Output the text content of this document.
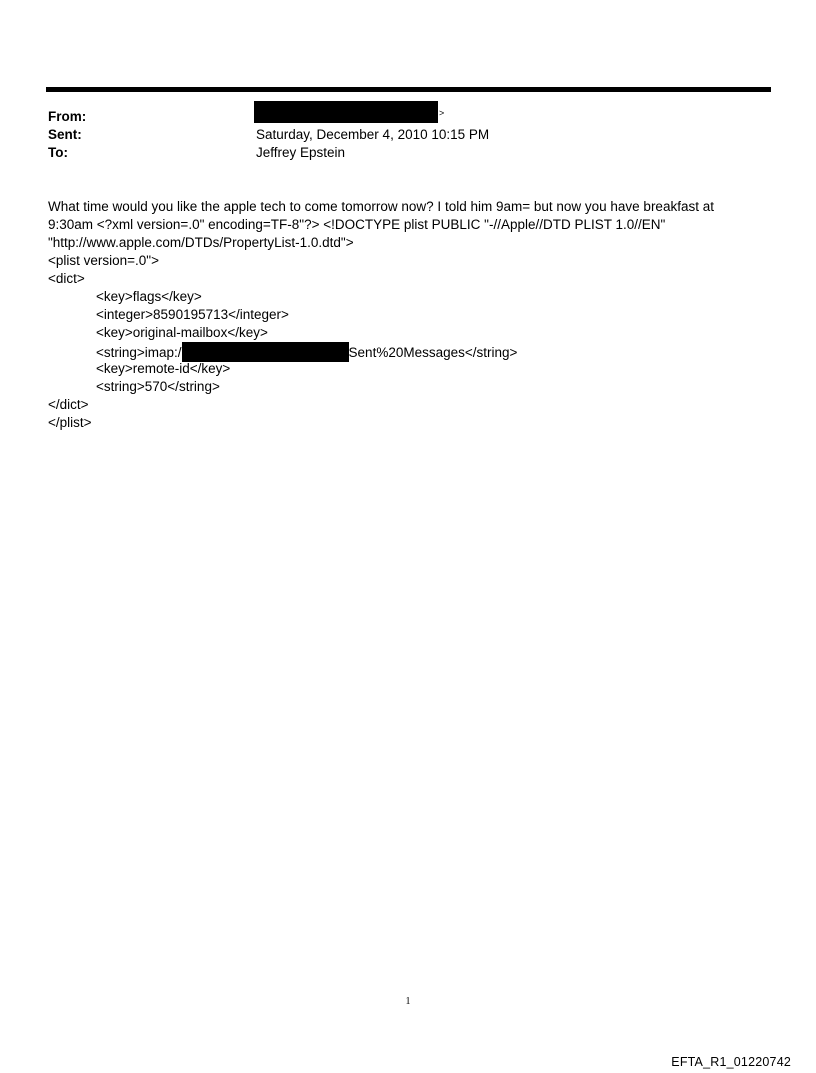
From:	>
Sent:	Saturday, December 4, 2010 10:15 PM
To:	Jeffrey Epstein
What time would you like the apple tech to come tomorrow now? I told him 9am= but now you have breakfast at
9:30am <?xml version=.0" encoding=TF-8"?> <!DOCTYPE plist PUBLIC "-//Apple//DTD PLIST 1.0//EN"
"http://www.apple.com/DTDs/PropertyList-1.0.dtd">
<plist version=.0">
<dict>
<key>flags</key>
<integer>8590195713</integer>
<key>original-mailbox</key>
<string>imap:/	Sent%20Messages</string>
<key>remote-id</key>
<string>570</string>
</dict>
</plist>
1
EFTA_R1_01220742
